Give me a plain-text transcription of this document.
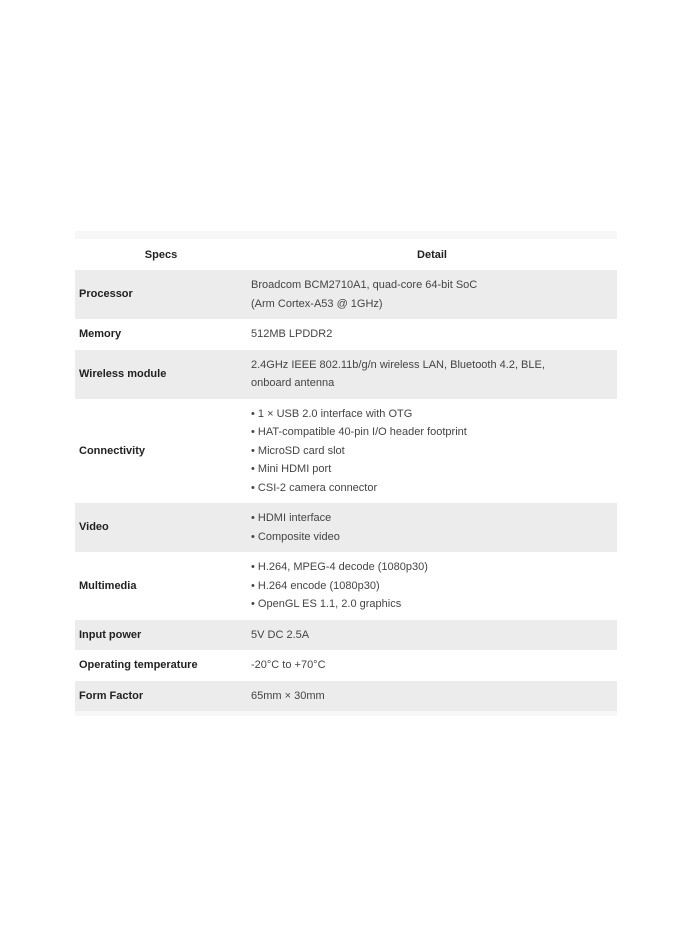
Specs	Detail
Processor	Broadcom BCM2710A1, quad-core 64-bit SoC
(Arm Cortex-A53 @ 1GHz)

Memory	512MB LPDDR2

Wireless module	2.4GHz IEEE 802.11b/g/n wireless LAN, Bluetooth 4.2, BLE,
onboard antenna

Connectivity	• 1 × USB 2.0 interface with OTG
• HAT-compatible 40-pin I/O header footprint
• MicroSD card slot
• Mini HDMI port
• CSI-2 camera connector

Video	• HDMI interface
• Composite video

Multimedia	• H.264, MPEG-4 decode (1080p30)
• H.264 encode (1080p30)
• OpenGL ES 1.1, 2.0 graphics

Input power	5V DC 2.5A

Operating temperature	-20°C to +70°C

Form Factor	65mm × 30mm
